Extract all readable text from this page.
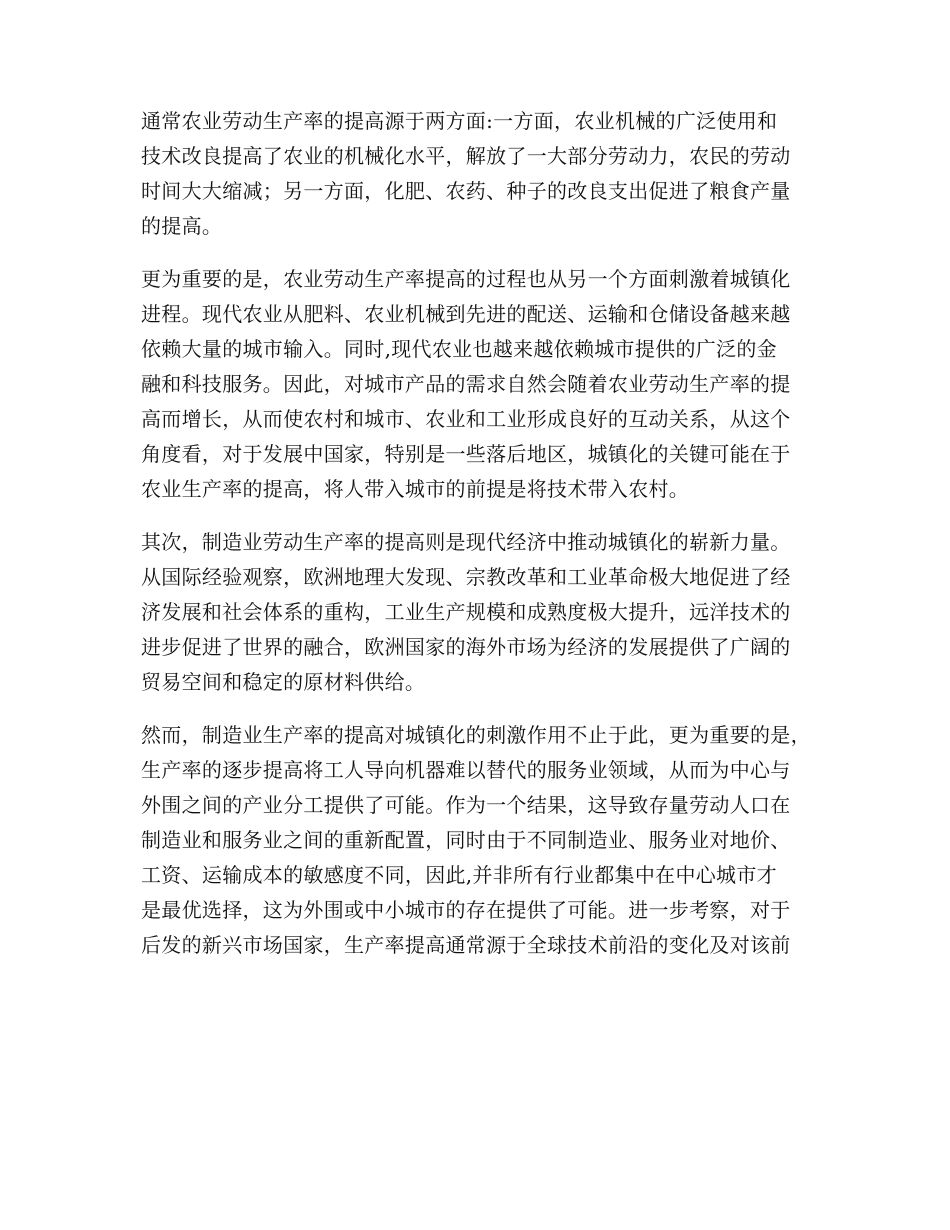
通常农业劳动生产率的提高源于两方面:一方面，农业机械的广泛使用和
技术改良提高了农业的机械化水平，解放了一大部分劳动力，农民的劳动
时间大大缩减；另一方面，化肥、农药、种子的改良支出促进了粮食产量
的提高。

更为重要的是，农业劳动生产率提高的过程也从另一个方面刺激着城镇化
进程。现代农业从肥料、农业机械到先进的配送、运输和仓储设备越来越
依赖大量的城市输入。同时,现代农业也越来越依赖城市提供的广泛的金
融和科技服务。因此，对城市产品的需求自然会随着农业劳动生产率的提
高而增长，从而使农村和城市、农业和工业形成良好的互动关系，从这个
角度看，对于发展中国家，特别是一些落后地区，城镇化的关键可能在于
农业生产率的提高，将人带入城市的前提是将技术带入农村。

其次，制造业劳动生产率的提高则是现代经济中推动城镇化的崭新力量。
从国际经验观察，欧洲地理大发现、宗教改革和工业革命极大地促进了经
济发展和社会体系的重构，工业生产规模和成熟度极大提升，远洋技术的
进步促进了世界的融合，欧洲国家的海外市场为经济的发展提供了广阔的
贸易空间和稳定的原材料供给。

然而，制造业生产率的提高对城镇化的刺激作用不止于此，更为重要的是，
生产率的逐步提高将工人导向机器难以替代的服务业领域，从而为中心与
外围之间的产业分工提供了可能。作为一个结果，这导致存量劳动人口在
制造业和服务业之间的重新配置，同时由于不同制造业、服务业对地价、
工资、运输成本的敏感度不同，因此,并非所有行业都集中在中心城市才
是最优选择，这为外围或中小城市的存在提供了可能。进一步考察，对于
后发的新兴市场国家，生产率提高通常源于全球技术前沿的变化及对该前
